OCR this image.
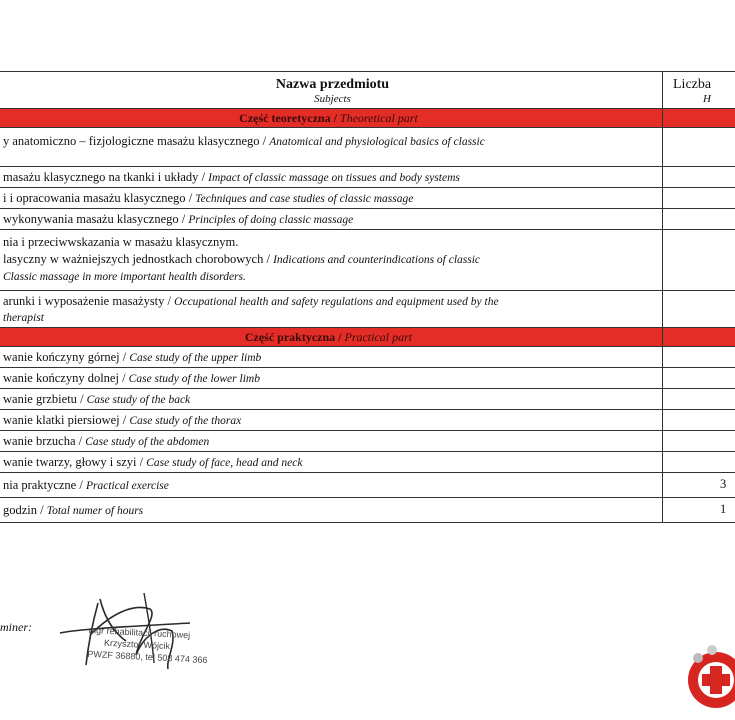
Nazwa przedmiotu
Subjects
Liczba
H
Część teoretyczna / Theoretical part
y anatomiczno – fizjologiczne masażu klasycznego / Anatomical and physiological basics of classic
masażu klasycznego na tkanki i układy / Impact of classic massage on tissues and body systems
i i opracowania masażu klasycznego / Techniques and case studies of classic massage
wykonywania masażu klasycznego / Principles of doing classic massage
nia i przeciwwskazania w masażu klasycznym.
lasyczny w ważniejszych jednostkach chorobowych / Indications and counterindications of classic
Classic massage in more important health disorders.
arunki i wyposażenie masażysty / Occupational health and safety regulations and equipment used by the
therapist
Część praktyczna / Practical part
wanie kończyny górnej / Case study of the upper limb
wanie kończyny dolnej / Case study of the lower limb
wanie grzbietu / Case study of the back
wanie klatki piersiowej / Case study of the thorax
wanie brzucha / Case study of the abdomen
wanie twarzy, głowy i szyi / Case study of face, head and neck
nia praktyczne / Practical exercise	3
godzin / Total numer of hours	1
miner:	mgr rehabilitacji ruchowej
Krzysztof Wójcik
PWZF 36880, tel 508 474 366
